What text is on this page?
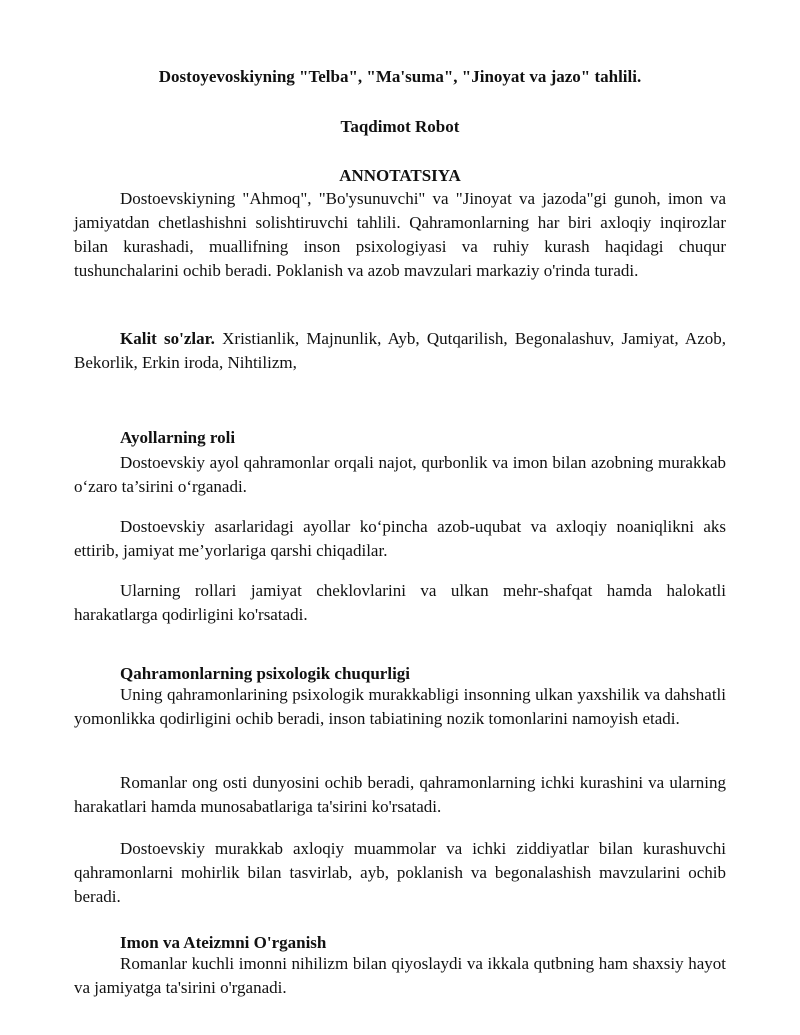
Dostoyevoskiyning "Telba", "Ma'suma", "Jinoyat va jazo" tahlili.

Taqdimot Robot

ANNOTATSIYA

Dostoevskiyning "Ahmoq", "Bo'ysunuvchi" va "Jinoyat va jazoda"gi gunoh, imon va jamiyatdan chetlashishni solishtiruvchi tahlili. Qahramonlarning har biri axloqiy inqirozlar bilan kurashadi, muallifning inson psixologiyasi va ruhiy kurash haqidagi chuqur tushunchalarini ochib beradi. Poklanish va azob mavzulari markaziy o'rinda turadi.

Kalit so'zlar. Xristianlik, Majnunlik, Ayb, Qutqarilish, Begonalashuv, Jamiyat, Azob, Bekorlik, Erkin iroda, Nihtilizm,

Ayollarning roli

Dostoevskiy ayol qahramonlar orqali najot, qurbonlik va imon bilan azobning murakkab o‘zaro ta’sirini o‘rganadi.

Dostoevskiy asarlaridagi ayollar ko‘pincha azob-uqubat va axloqiy noaniqlikni aks ettirib, jamiyat me’yorlariga qarshi chiqadilar.

Ularning rollari jamiyat cheklovlarini va ulkan mehr-shafqat hamda halokatli harakatlarga qodirligini ko'rsatadi.

Qahramonlarning psixologik chuqurligi

Uning qahramonlarining psixologik murakkabligi insonning ulkan yaxshilik va dahshatli yomonlikka qodirligini ochib beradi, inson tabiatining nozik tomonlarini namoyish etadi.

Romanlar ong osti dunyosini ochib beradi, qahramonlarning ichki kurashini va ularning harakatlari hamda munosabatlariga ta'sirini ko'rsatadi.

Dostoevskiy murakkab axloqiy muammolar va ichki ziddiyatlar bilan kurashuvchi qahramonlarni mohirlik bilan tasvirlab, ayb, poklanish va begonalashish mavzularini ochib beradi.

Imon va Ateizmni O'rganish

Romanlar kuchli imonni nihilizm bilan qiyoslaydi va ikkala qutbning ham shaxsiy hayot va jamiyatga ta'sirini o'rganadi.
